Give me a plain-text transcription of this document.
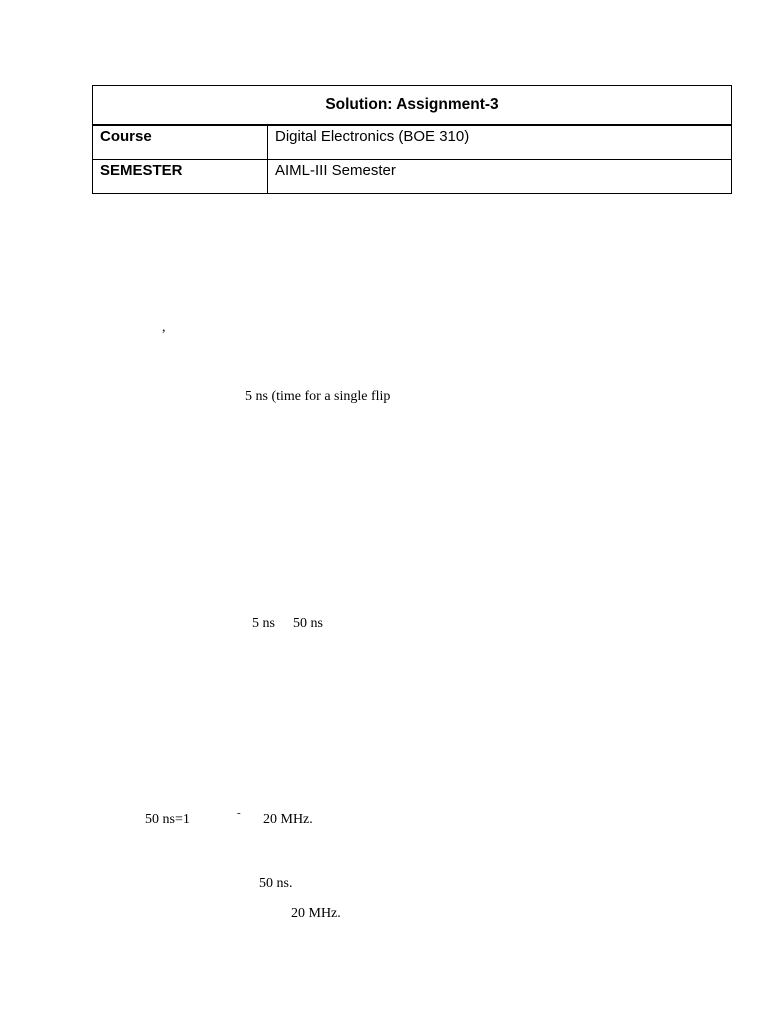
Solution: Assignment-3	
Course	Digital Electronics (BOE 310)
SEMESTER	AIML-III Semester
,
5 ns (time for a single flip
5 ns 50 ns
50 ns=1	- 20 MHz.
50 ns.
20 MHz.
